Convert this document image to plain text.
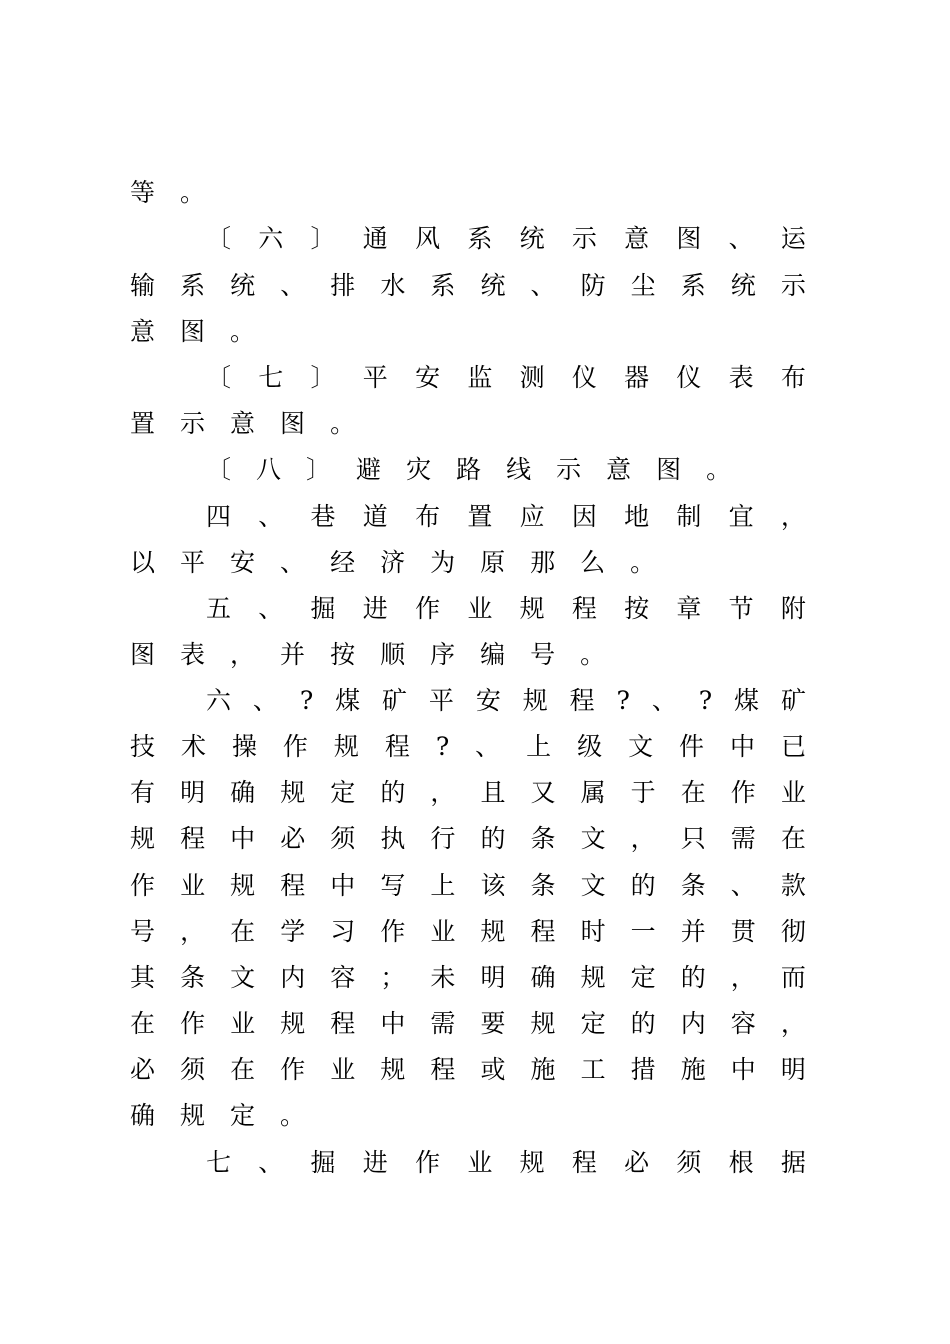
等 。
〔 六 〕 通 风 系 统 示 意 图 、 运
输 系 统 、 排 水 系 统 、 防 尘 系 统 示
意 图 。
〔 七 〕 平 安 监 测 仪 器 仪 表 布
置 示 意 图 。
〔 八 〕 避 灾 路 线 示 意 图 。
四 、 巷 道 布 置 应 因 地 制 宜 ，
以 平 安 、 经 济 为 原 那 么 。
五 、 掘 进 作 业 规 程 按 章 节 附
图 表 ， 并 按 顺 序 编 号 。
六 、 ? 煤 矿 平 安 规 程 ? 、 ? 煤 矿
技 术 操 作 规 程 ? 、 上 级 文 件 中 已
有 明 确 规 定 的 ， 且 又 属 于 在 作 业
规 程 中 必 须 执 行 的 条 文 ， 只 需 在
作 业 规 程 中 写 上 该 条 文 的 条 、 款
号 ， 在 学 习 作 业 规 程 时 一 并 贯 彻
其 条 文 内 容 ； 未 明 确 规 定 的 ， 而
在 作 业 规 程 中 需 要 规 定 的 内 容 ，
必 须 在 作 业 规 程 或 施 工 措 施 中 明
确 规 定 。
七 、 掘 进 作 业 规 程 必 须 根 据
